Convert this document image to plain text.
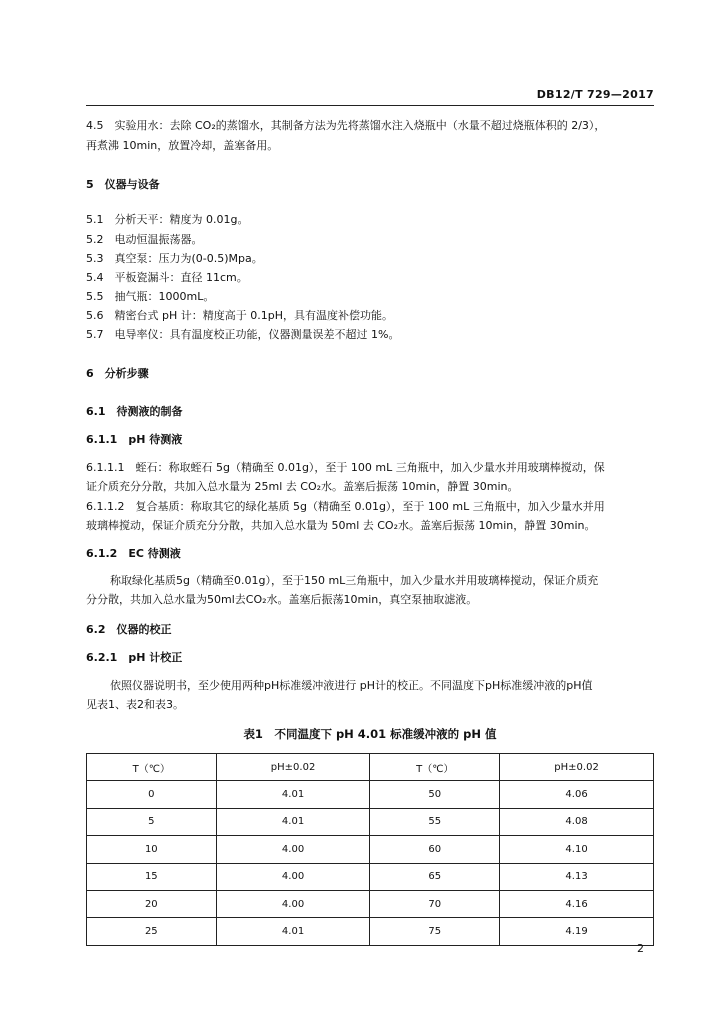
DB12/T 729—2017
4.5　实验用水：去除 CO₂的蒸馏水，其制备方法为先将蒸馏水注入烧瓶中（水量不超过烧瓶体积的 2/3），
再煮沸 10min，放置冷却，盖塞备用。
5　仪器与设备
5.1　分析天平：精度为 0.01g。
5.2　电动恒温振荡器。
5.3　真空泵：压力为(0-0.5)Mpa。
5.4　平板瓷漏斗：直径 11cm。
5.5　抽气瓶：1000mL。
5.6　精密台式 pH 计：精度高于 0.1pH，具有温度补偿功能。
5.7　电导率仪：具有温度校正功能，仪器测量误差不超过 1%。
6　分析步骤
6.1　待测液的制备
6.1.1　pH 待测液
6.1.1.1　蛭石：称取蛭石 5g（精确至 0.01g），至于 100 mL 三角瓶中，加入少量水并用玻璃棒搅动，保
证介质充分分散，共加入总水量为 25ml 去 CO₂水。盖塞后振荡 10min，静置 30min。
6.1.1.2　复合基质：称取其它的绿化基质 5g（精确至 0.01g），至于 100 mL 三角瓶中，加入少量水并用
玻璃棒搅动，保证介质充分分散，共加入总水量为 50ml 去 CO₂水。盖塞后振荡 10min，静置 30min。
6.1.2　EC 待测液
称取绿化基质5g（精确至0.01g），至于150 mL三角瓶中，加入少量水并用玻璃棒搅动，保证介质充
分分散，共加入总水量为50ml去CO₂水。盖塞后振荡10min，真空泵抽取滤液。
6.2　仪器的校正
6.2.1　pH 计校正
依照仪器说明书，至少使用两种pH标准缓冲液进行 pH计的校正。不同温度下pH标准缓冲液的pH值
见表1、表2和表3。
表1　不同温度下 pH 4.01 标准缓冲液的 pH 值
T（℃）	pH±0.02	T（℃）	pH±0.02
0	4.01	50	4.06
5	4.01	55	4.08
10	4.00	60	4.10
15	4.00	65	4.13
20	4.00	70	4.16
25	4.01	75	4.19
2
